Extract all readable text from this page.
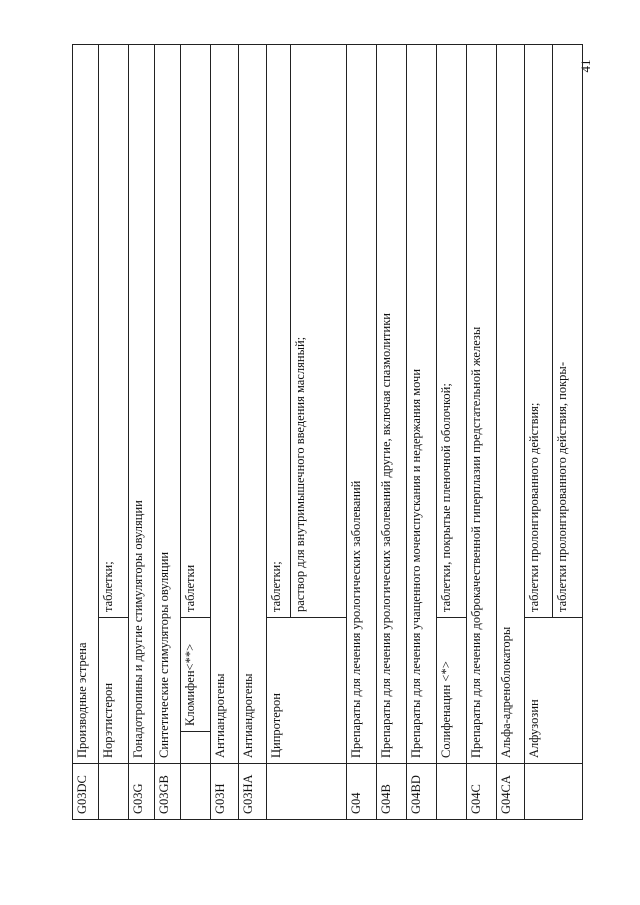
41
G03DC	Производные эстрена		
	Норэтистерон		таблетки;
G03G	Гонадотропины и другие стимуляторы овуляции		
G03GB	Синтетические стимуляторы овуляции		
		Кломифен<**>	таблетки
G03H	Антиандрогены		
G03HA	Антиандрогены		
	Ципротерон		таблетки;
			раствор для внутримышечного введения масляный;
G04	Препараты для лечения урологических заболеваний		
G04B	Препараты для лечения урологических заболеваний другие, включая спазмолитики		
G04BD	Препараты для лечения учащенного мочеиспускания и недержания мочи		
	Солифенацин <*>		таблетки, покрытые пленочной оболочкой;
G04C	Препараты для лечения доброкачественной гиперплазии предстательной железы		
G04CA	Альфа-адреноблокаторы		
	Алфузозин		таблетки пролонгированного действия;
			таблетки пролонгированного действия, покры-
